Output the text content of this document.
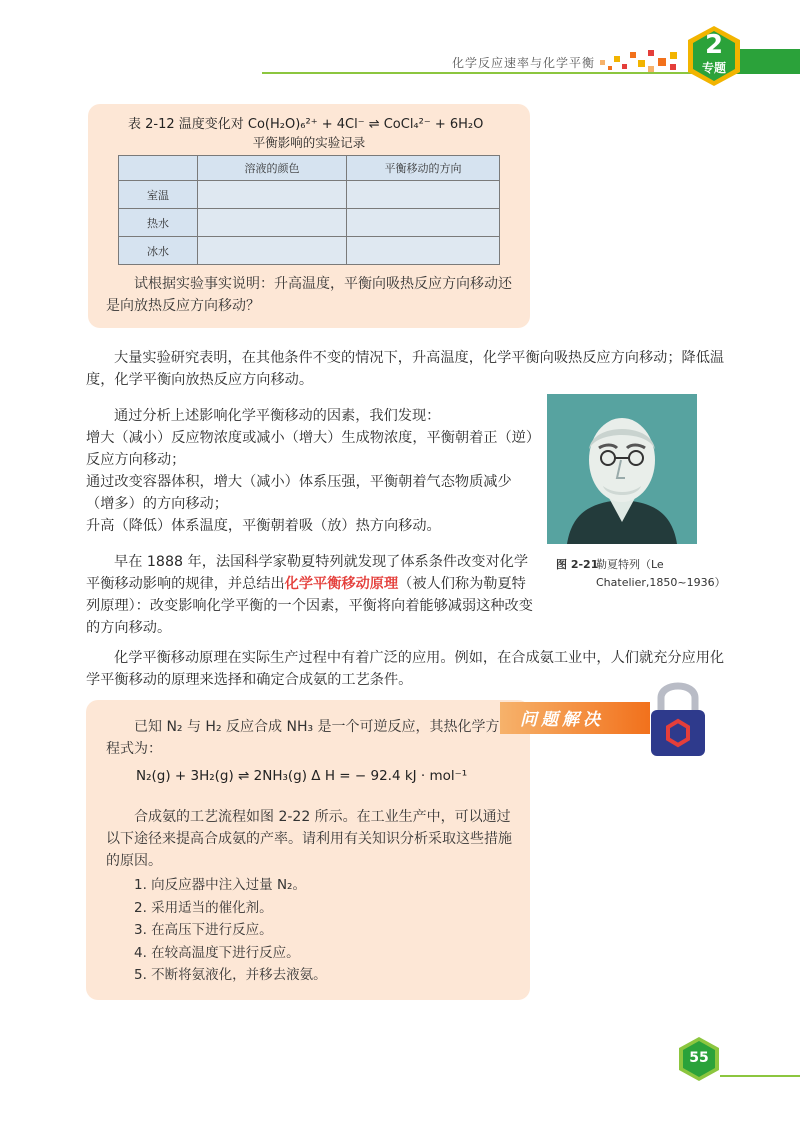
化学反应速率与化学平衡
2
专题
表 2-12 温度变化对 Co(H₂O)₆²⁺ + 4Cl⁻ ⇌ CoCl₄²⁻ + 6H₂O
平衡影响的实验记录
	溶液的颜色	平衡移动的方向
室温		
热水		
冰水		
试根据实验事实说明：升高温度，平衡向吸热反应方向移动还是向放热反应方向移动？
大量实验研究表明，在其他条件不变的情况下，升高温度，化学平衡向吸热反应方向移动；降低温度，化学平衡向放热反应方向移动。
通过分析上述影响化学平衡移动的因素，我们发现：
增大（减小）反应物浓度或减小（增大）生成物浓度，平衡朝着正（逆）反应方向移动；
通过改变容器体积，增大（减小）体系压强，平衡朝着气态物质减少（增多）的方向移动；
升高（降低）体系温度，平衡朝着吸（放）热方向移动。
早在 1888 年，法国科学家勒夏特列就发现了体系条件改变对化学平衡移动影响的规律，并总结出化学平衡移动原理（被人们称为勒夏特列原理）：改变影响化学平衡的一个因素，平衡将向着能够减弱这种改变的方向移动。
化学平衡移动原理在实际生产过程中有着广泛的应用。例如，在合成氨工业中，人们就充分应用化学平衡移动的原理来选择和确定合成氨的工艺条件。
图 2-21
勒夏特列（Le Chatelier,1850~1936）
问题解决
已知 N₂ 与 H₂ 反应合成 NH₃ 是一个可逆反应，其热化学方程式为：
N₂(g) + 3H₂(g) ⇌ 2NH₃(g) Δ H = − 92.4 kJ · mol⁻¹
合成氨的工艺流程如图 2-22 所示。在工业生产中，可以通过以下途径来提高合成氨的产率。请利用有关知识分析采取这些措施的原因。
1. 向反应器中注入过量 N₂。
2. 采用适当的催化剂。
3. 在高压下进行反应。
4. 在较高温度下进行反应。
5. 不断将氨液化，并移去液氨。
55
